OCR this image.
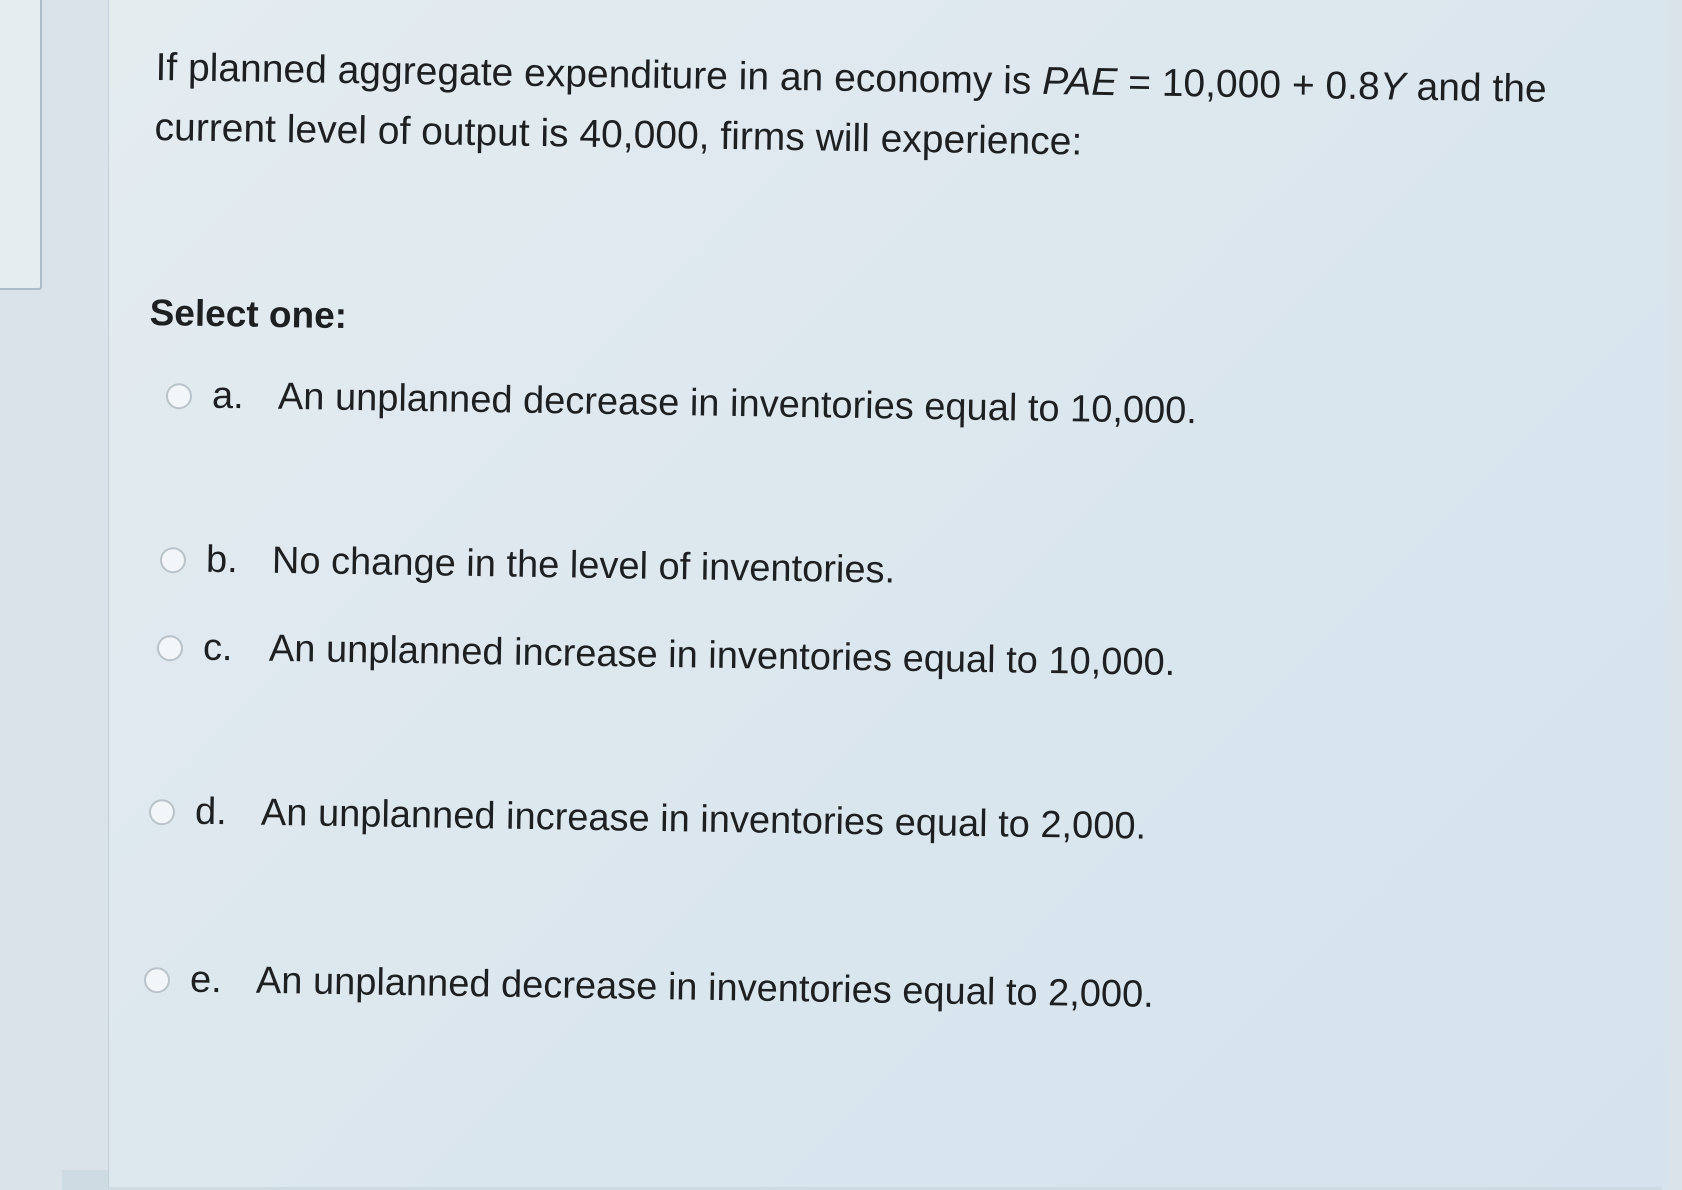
If planned aggregate expenditure in an economy is PAE = 10,000 + 0.8Y and the current level of output is 40,000, firms will experience:
Select one:
a. An unplanned decrease in inventories equal to 10,000.
b. No change in the level of inventories.
c. An unplanned increase in inventories equal to 10,000.
d. An unplanned increase in inventories equal to 2,000.
e. An unplanned decrease in inventories equal to 2,000.
